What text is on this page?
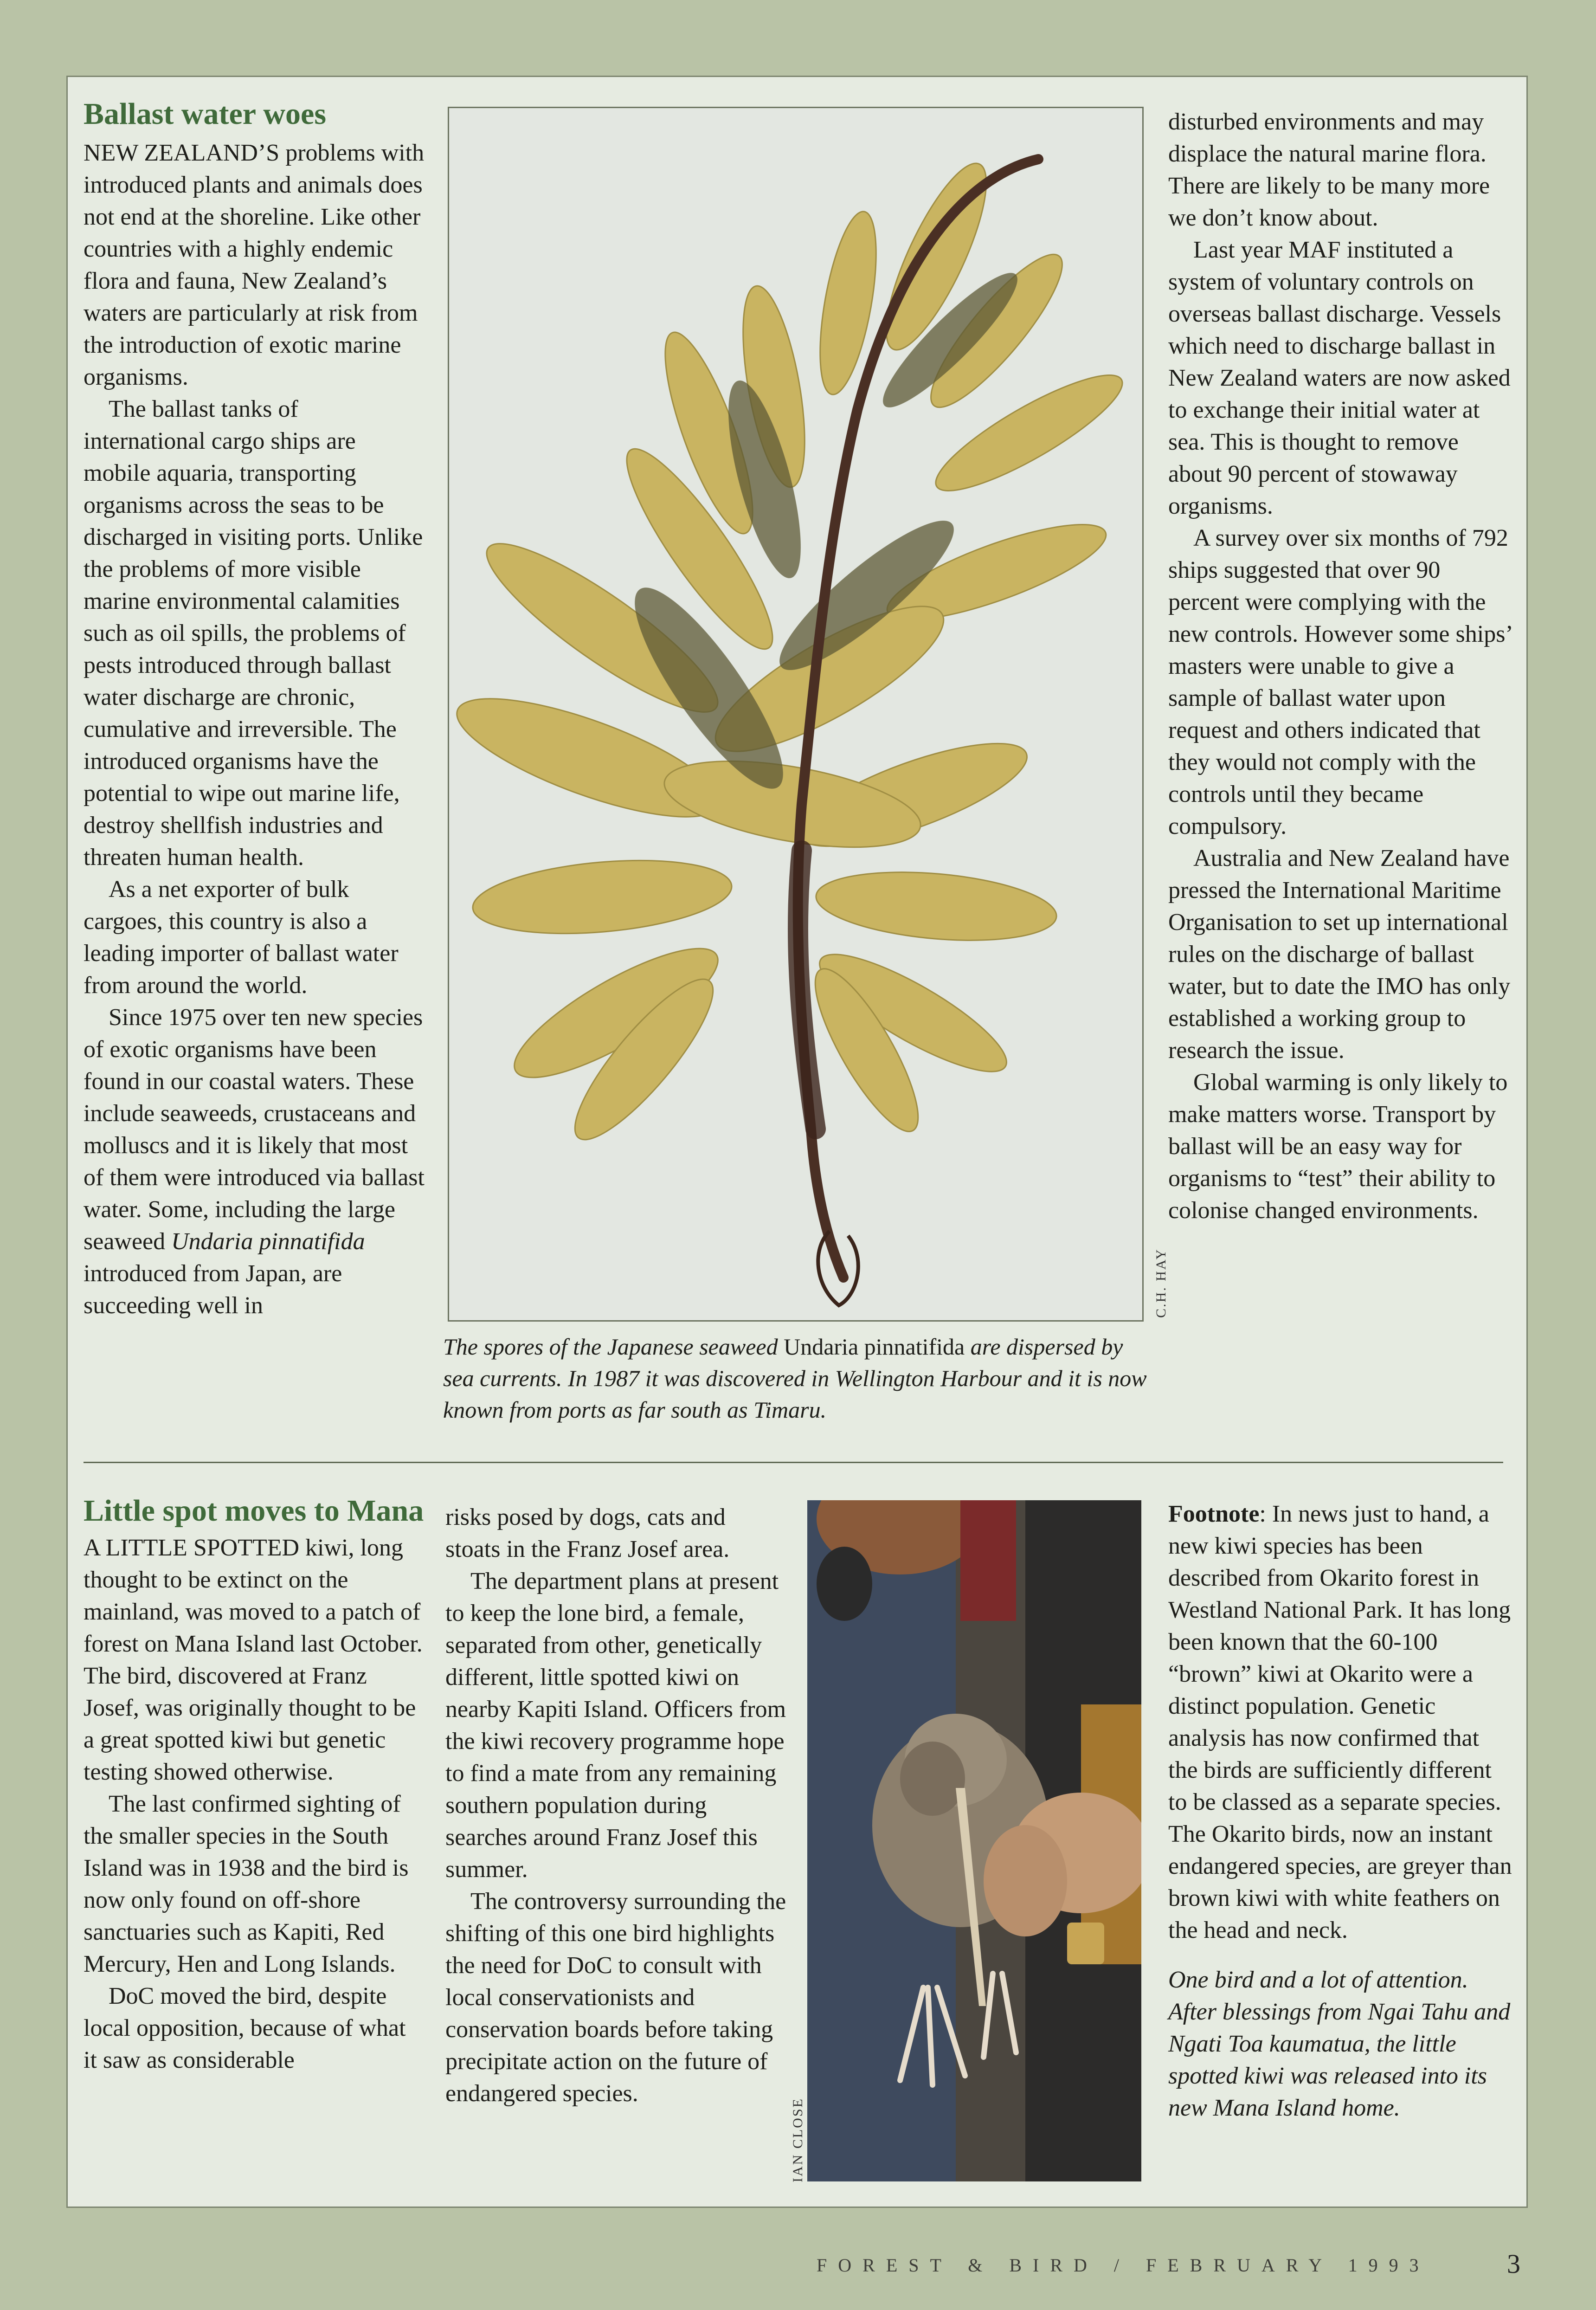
Ballast water woes

NEW ZEALAND’S problems with introduced plants and animals does not end at the shoreline. Like other countries with a highly endemic flora and fauna, New Zealand’s waters are particularly at risk from the introduction of exotic marine organisms.

The ballast tanks of international cargo ships are mobile aquaria, transporting organisms across the seas to be discharged in visiting ports. Unlike the problems of more visible marine environmental calamities such as oil spills, the problems of pests introduced through ballast water discharge are chronic, cumulative and irreversible. The introduced organisms have the potential to wipe out marine life, destroy shellfish industries and threaten human health.

As a net exporter of bulk cargoes, this country is also a leading importer of ballast water from around the world.

Since 1975 over ten new species of exotic organisms have been found in our coastal waters. These include seaweeds, crustaceans and molluscs and it is likely that most of them were introduced via ballast water. Some, including the large seaweed Undaria pinnatifida introduced from Japan, are succeeding well in	C.H. HAY
The spores of the Japanese seaweed Undaria pinnatifida are dispersed by sea currents. In 1987 it was discovered in Wellington Harbour and it is now known from ports as far south as Timaru.

disturbed environments and may displace the natural marine flora. There are likely to be many more we don’t know about.

Last year MAF instituted a system of voluntary controls on overseas ballast discharge. Vessels which need to discharge ballast in New Zealand waters are now asked to exchange their initial water at sea. This is thought to remove about 90 percent of stowaway organisms.

A survey over six months of 792 ships suggested that over 90 percent were complying with the new controls. However some ships’ masters were unable to give a sample of ballast water upon request and others indicated that they would not comply with the controls until they became compulsory.

Australia and New Zealand have pressed the International Maritime Organisation to set up international rules on the discharge of ballast water, but to date the IMO has only established a working group to research the issue.

Global warming is only likely to make matters worse. Transport by ballast will be an easy way for organisms to “test” their ability to colonise changed environments.

Little spot moves to Mana

A LITTLE SPOTTED kiwi, long thought to be extinct on the mainland, was moved to a patch of forest on Mana Island last October. The bird, discovered at Franz Josef, was originally thought to be a great spotted kiwi but genetic testing showed otherwise.

The last confirmed sighting of the smaller species in the South Island was in 1938 and the bird is now only found on off-shore sanctuaries such as Kapiti, Red Mercury, Hen and Long Islands.

DoC moved the bird, despite local opposition, because of what it saw as considerable

risks posed by dogs, cats and stoats in the Franz Josef area.

The department plans at present to keep the lone bird, a female, separated from other, genetically different, little spotted kiwi on nearby Kapiti Island. Officers from the kiwi recovery programme hope to find a mate from any remaining southern population during searches around Franz Josef this summer.

The controversy surrounding the shifting of this one bird highlights the need for DoC to consult with local conservationists and conservation boards before taking precipitate action on the future of endangered species.

IAN CLOSE

Footnote: In news just to hand, a new kiwi species has been described from Okarito forest in Westland National Park. It has long been known that the 60-100 “brown” kiwi at Okarito were a distinct population. Genetic analysis has now confirmed that the birds are sufficiently different to be classed as a separate species. The Okarito birds, now an instant endangered species, are greyer than brown kiwi with white feathers on the head and neck.

One bird and a lot of attention. After blessings from Ngai Tahu and Ngati Toa kaumatua, the little spotted kiwi was released into its new Mana Island home.

FOREST & BIRD / FEBRUARY 1993	3
